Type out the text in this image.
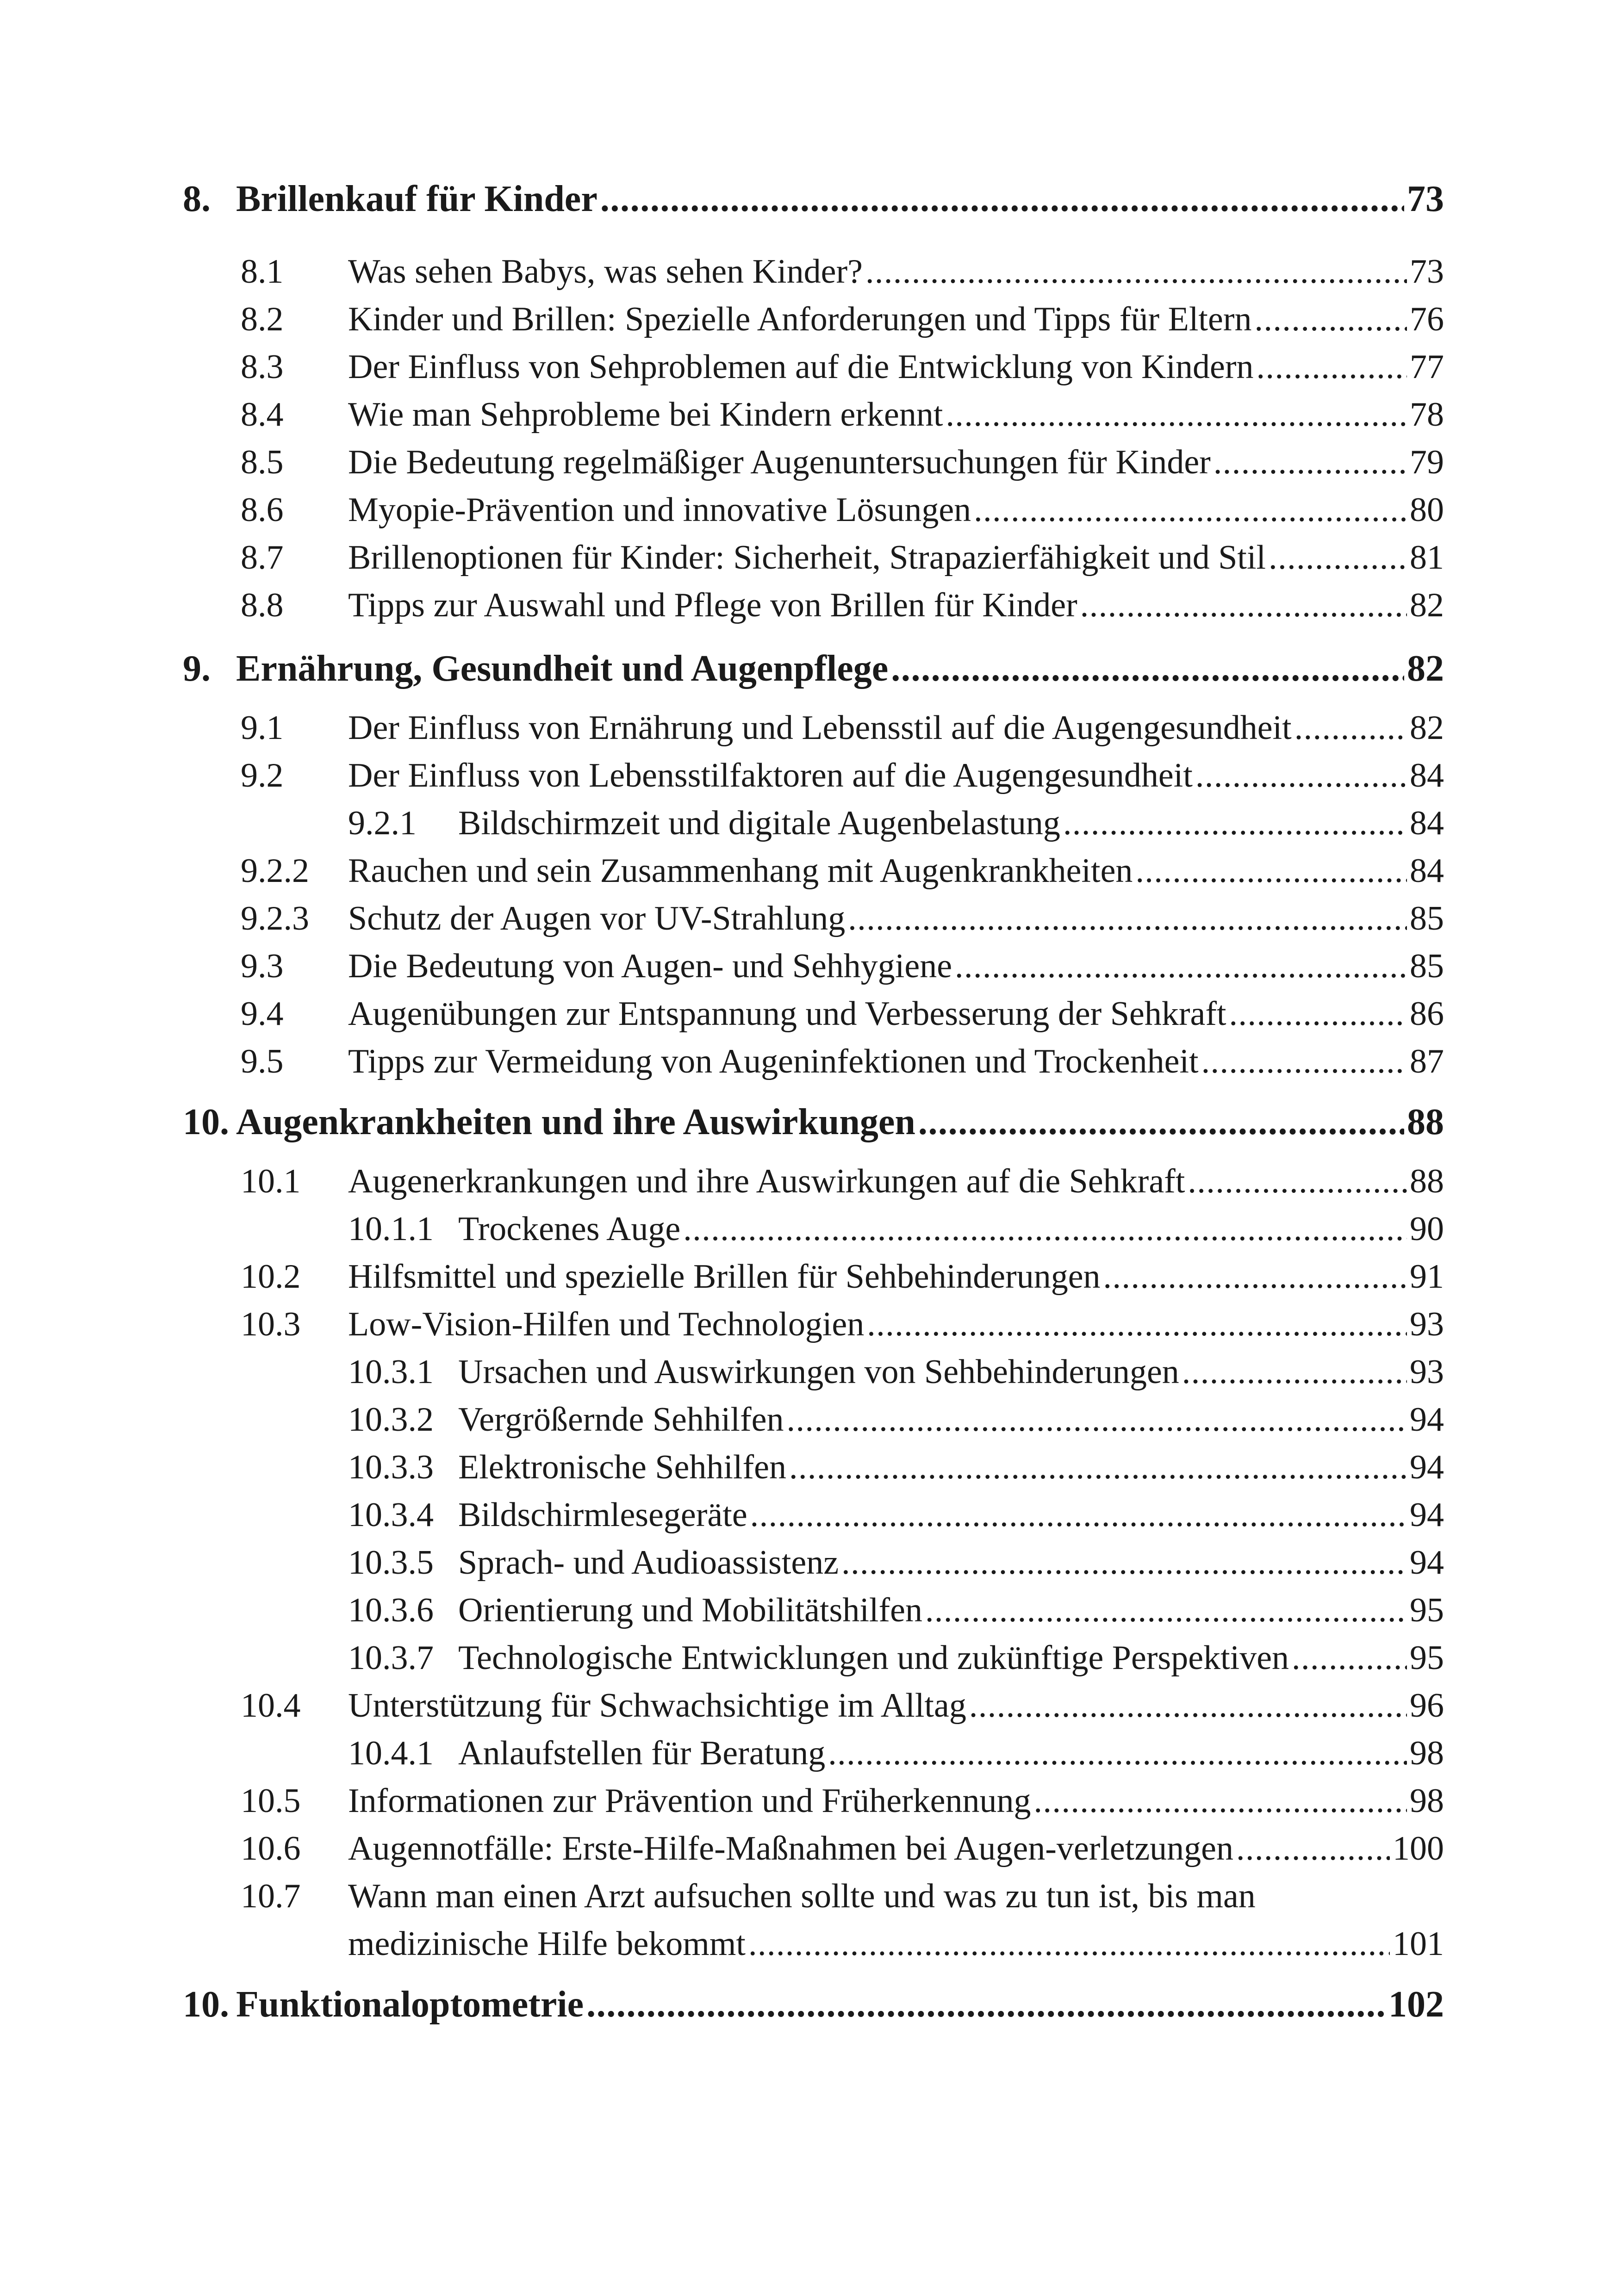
8. Brillenkauf für Kinder .....	73
8.1 Was sehen Babys, was sehen Kinder? .....	73
8.2 Kinder und Brillen: Spezielle Anforderungen und Tipps für Eltern .....	76
8.3 Der Einfluss von Sehproblemen auf die Entwicklung von Kindern .....	77
8.4 Wie man Sehprobleme bei Kindern erkennt .....	78
8.5 Die Bedeutung regelmäßiger Augenuntersuchungen für Kinder .....	79
8.6 Myopie-Prävention und innovative Lösungen .....	80
8.7 Brillenoptionen für Kinder: Sicherheit, Strapazierfähigkeit und Stil .....	81
8.8 Tipps zur Auswahl und Pflege von Brillen für Kinder .....	82
9. Ernährung, Gesundheit und Augenpflege .....	82
9.1 Der Einfluss von Ernährung und Lebensstil auf die Augengesundheit .....	82
9.2 Der Einfluss von Lebensstilfaktoren auf die Augengesundheit .....	84
9.2.1 Bildschirmzeit und digitale Augenbelastung .....	84
9.2.2 Rauchen und sein Zusammenhang mit Augenkrankheiten .....	84
9.2.3 Schutz der Augen vor UV-Strahlung .....	85
9.3 Die Bedeutung von Augen- und Sehhygiene .....	85
9.4 Augenübungen zur Entspannung und Verbesserung der Sehkraft .....	86
9.5 Tipps zur Vermeidung von Augeninfektionen und Trockenheit .....	87
10. Augenkrankheiten und ihre Auswirkungen .....	88
10.1 Augenerkrankungen und ihre Auswirkungen auf die Sehkraft .....	88
10.1.1 Trockenes Auge .....	90
10.2 Hilfsmittel und spezielle Brillen für Sehbehinderungen .....	91
10.3 Low-Vision-Hilfen und Technologien .....	93
10.3.1 Ursachen und Auswirkungen von Sehbehinderungen .....	93
10.3.2 Vergrößernde Sehhilfen .....	94
10.3.3 Elektronische Sehhilfen .....	94
10.3.4 Bildschirmlesegeräte .....	94
10.3.5 Sprach- und Audioassistenz .....	94
10.3.6 Orientierung und Mobilitätshilfen .....	95
10.3.7 Technologische Entwicklungen und zukünftige Perspektiven .....	95
10.4 Unterstützung für Schwachsichtige im Alltag .....	96
10.4.1 Anlaufstellen für Beratung .....	98
10.5 Informationen zur Prävention und Früherkennung .....	98
10.6 Augennotfälle: Erste-Hilfe-Maßnahmen bei Augen-verletzungen .....	100
10.7 Wann man einen Arzt aufsuchen sollte und was zu tun ist, bis man
medizinische Hilfe bekommt .....	101
10. Funktionaloptometrie .....	102
